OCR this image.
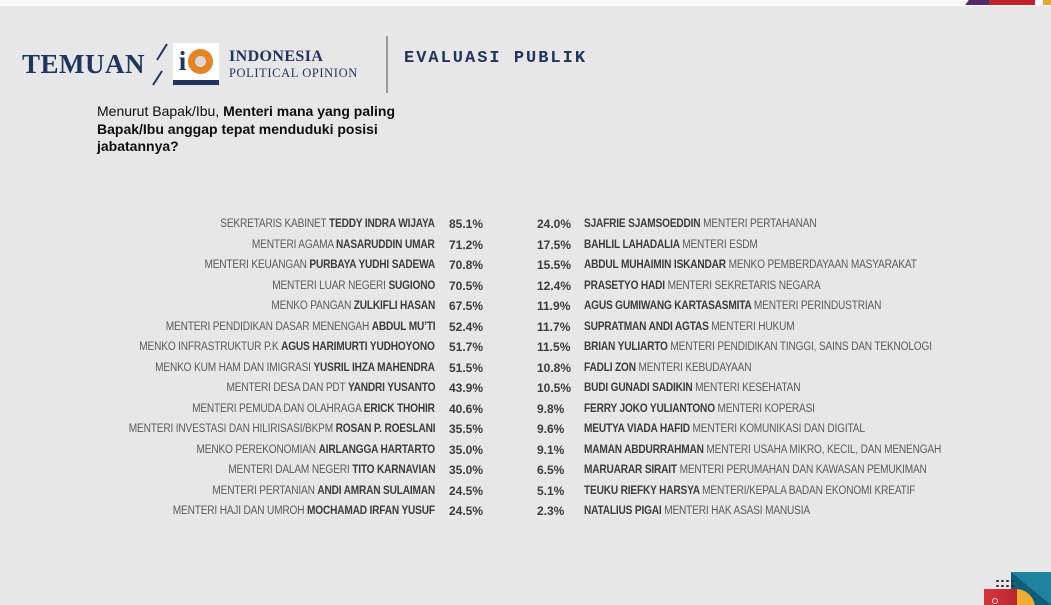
TEMUAN i	INDONESIA
POLITICAL OPINION
EVALUASI PUBLIK

Menurut Bapak/Ibu, Menteri mana yang paling Bapak/Ibu anggap tepat menduduki posisi jabatannya?

SEKRETARIS KABINET TEDDY INDRA WIJAYA 85.1%
MENTERI AGAMA NASARUDDIN UMAR 71.2%
MENTERI KEUANGAN PURBAYA YUDHI SADEWA 70.8%
MENTERI LUAR NEGERI SUGIONO 70.5%
MENKO PANGAN ZULKIFLI HASAN 67.5%
MENTERI PENDIDIKAN DASAR MENENGAH ABDUL MU’TI 52.4%
MENKO INFRASTRUKTUR P.K AGUS HARIMURTI YUDHOYONO 51.7%
MENKO KUM HAM DAN IMIGRASI YUSRIL IHZA MAHENDRA 51.5%
MENTERI DESA DAN PDT YANDRI YUSANTO 43.9%
MENTERI PEMUDA DAN OLAHRAGA ERICK THOHIR 40.6%
MENTERI INVESTASI DAN HILIRISASI/BKPM ROSAN P. ROESLANI 35.5%
MENKO PEREKONOMIAN AIRLANGGA HARTARTO 35.0%
MENTERI DALAM NEGERI TITO KARNAVIAN 35.0%
MENTERI PERTANIAN ANDI AMRAN SULAIMAN 24.5%
MENTERI HAJI DAN UMROH MOCHAMAD IRFAN YUSUF 24.5%
24.0%	SJAFRIE SJAMSOEDDIN MENTERI PERTAHANAN
17.5%	BAHLIL LAHADALIA MENTERI ESDM
15.5%	ABDUL MUHAIMIN ISKANDAR MENKO PEMBERDAYAAN MASYARAKAT
12.4%	PRASETYO HADI MENTERI SEKRETARIS NEGARA
11.9%	AGUS GUMIWANG KARTASASMITA MENTERI PERINDUSTRIAN
11.7%	SUPRATMAN ANDI AGTAS MENTERI HUKUM
11.5%	BRIAN YULIARTO MENTERI PENDIDIKAN TINGGI, SAINS DAN TEKNOLOGI
10.8%	FADLI ZON MENTERI KEBUDAYAAN
10.5%	BUDI GUNADI SADIKIN MENTERI KESEHATAN
9.8%	FERRY JOKO YULIANTONO MENTERI KOPERASI
9.6%	MEUTYA VIADA HAFID MENTERI KOMUNIKASI DAN DIGITAL
9.1%	MAMAN ABDURRAHMAN MENTERI USAHA MIKRO, KECIL, DAN MENENGAH
6.5%	MARUARAR SIRAIT MENTERI PERUMAHAN DAN KAWASAN PEMUKIMAN
5.1%	TEUKU RIEFKY HARSYA MENTERI/KEPALA BADAN EKONOMI KREATIF
2.3%	NATALIUS PIGAI MENTERI HAK ASASI MANUSIA
